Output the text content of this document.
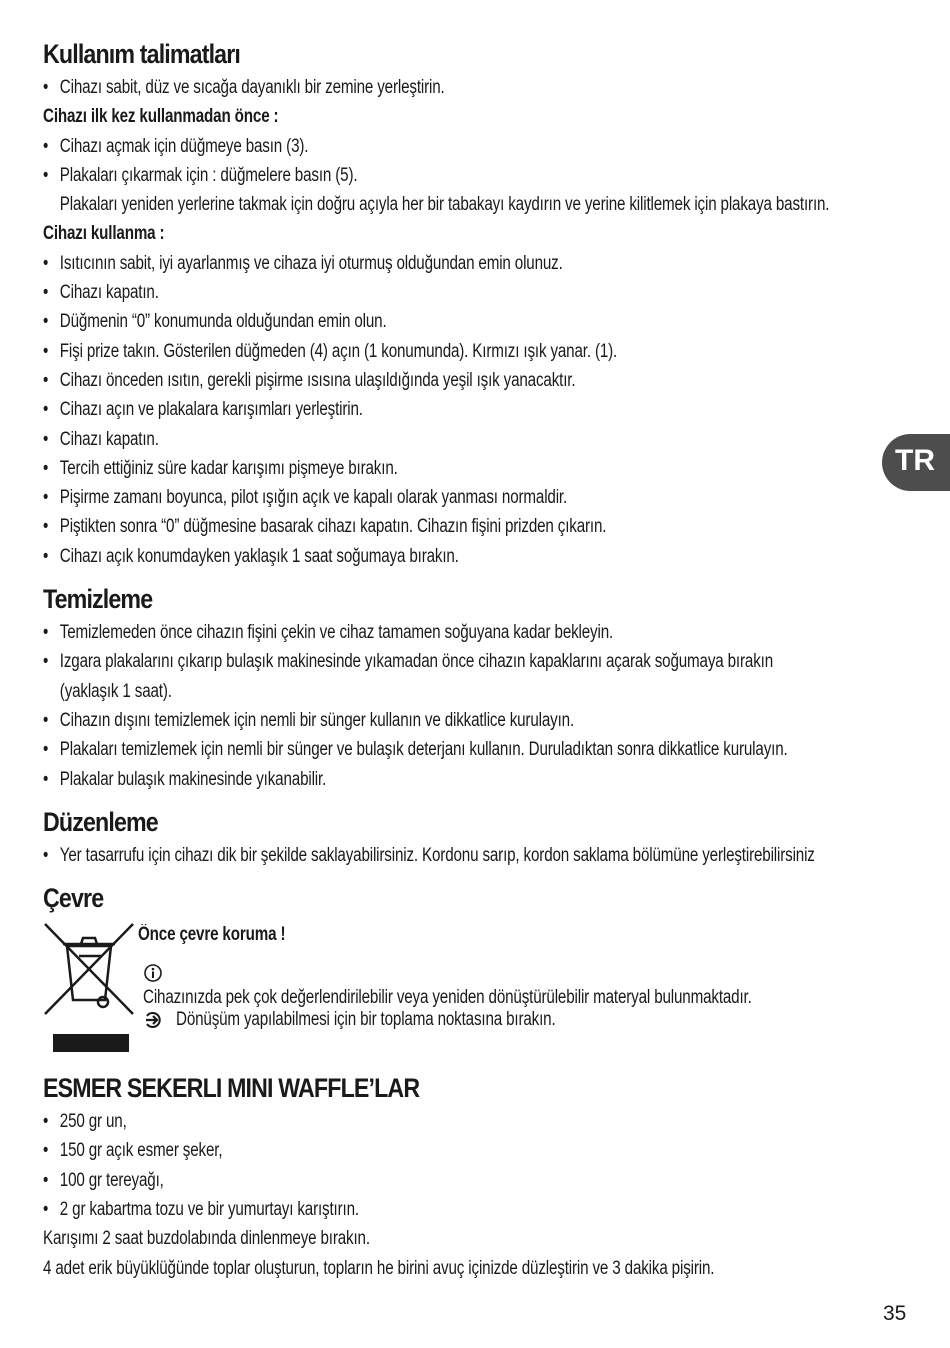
TR
Kullanım talimatları
• Cihazı sabit, düz ve sıcağa dayanıklı bir zemine yerleştirin.
Cihazı ilk kez kullanmadan önce :
• Cihazı açmak için düğmeye basın (3).
• Plakaları çıkarmak için : düğmelere basın (5).
Plakaları yeniden yerlerine takmak için doğru açıyla her bir tabakayı kaydırın ve yerine kilitlemek için plakaya bastırın.
Cihazı kullanma :
• Isıtıcının sabit, iyi ayarlanmış ve cihaza iyi oturmuş olduğundan emin olunuz.
• Cihazı kapatın.
• Düğmenin “0” konumunda olduğundan emin olun.
• Fişi prize takın. Gösterilen düğmeden (4) açın (1 konumunda). Kırmızı ışık yanar. (1).
• Cihazı önceden ısıtın, gerekli pişirme ısısına ulaşıldığında yeşil ışık yanacaktır.
• Cihazı açın ve plakalara karışımları yerleştirin.
• Cihazı kapatın.
• Tercih ettiğiniz süre kadar karışımı pişmeye bırakın.
• Pişirme zamanı boyunca, pilot ışığın açık ve kapalı olarak yanması normaldir.
• Piştikten sonra “0” düğmesine basarak cihazı kapatın. Cihazın fişini prizden çıkarın.
• Cihazı açık konumdayken yaklaşık 1 saat soğumaya bırakın.
Temizleme
• Temizlemeden önce cihazın fişini çekin ve cihaz tamamen soğuyana kadar bekleyin.
• Izgara plakalarını çıkarıp bulaşık makinesinde yıkamadan önce cihazın kapaklarını açarak soğumaya bırakın
(yaklaşık 1 saat).
• Cihazın dışını temizlemek için nemli bir sünger kullanın ve dikkatlice kurulayın.
• Plakaları temizlemek için nemli bir sünger ve bulaşık deterjanı kullanın. Duruladıktan sonra dikkatlice kurulayın.
• Plakalar bulaşık makinesinde yıkanabilir.
Düzenleme
• Yer tasarrufu için cihazı dik bir şekilde saklayabilirsiniz. Kordonu sarıp, kordon saklama bölümüne yerleştirebilirsiniz
Çevre
Önce çevre koruma !
Cihazınızda pek çok değerlendirilebilir veya yeniden dönüştürülebilir materyal bulunmaktadır.
Dönüşüm yapılabilmesi için bir toplama noktasına bırakın.
ESMER SEKERLI MINI WAFFLE’LAR
• 250 gr un,
• 150 gr açık esmer şeker,
• 100 gr tereyağı,
• 2 gr kabartma tozu ve bir yumurtayı karıştırın.
Karışımı 2 saat buzdolabında dinlenmeye bırakın.
4 adet erik büyüklüğünde toplar oluşturun, topların he birini avuç içinizde düzleştirin ve 3 dakika pişirin.
35
